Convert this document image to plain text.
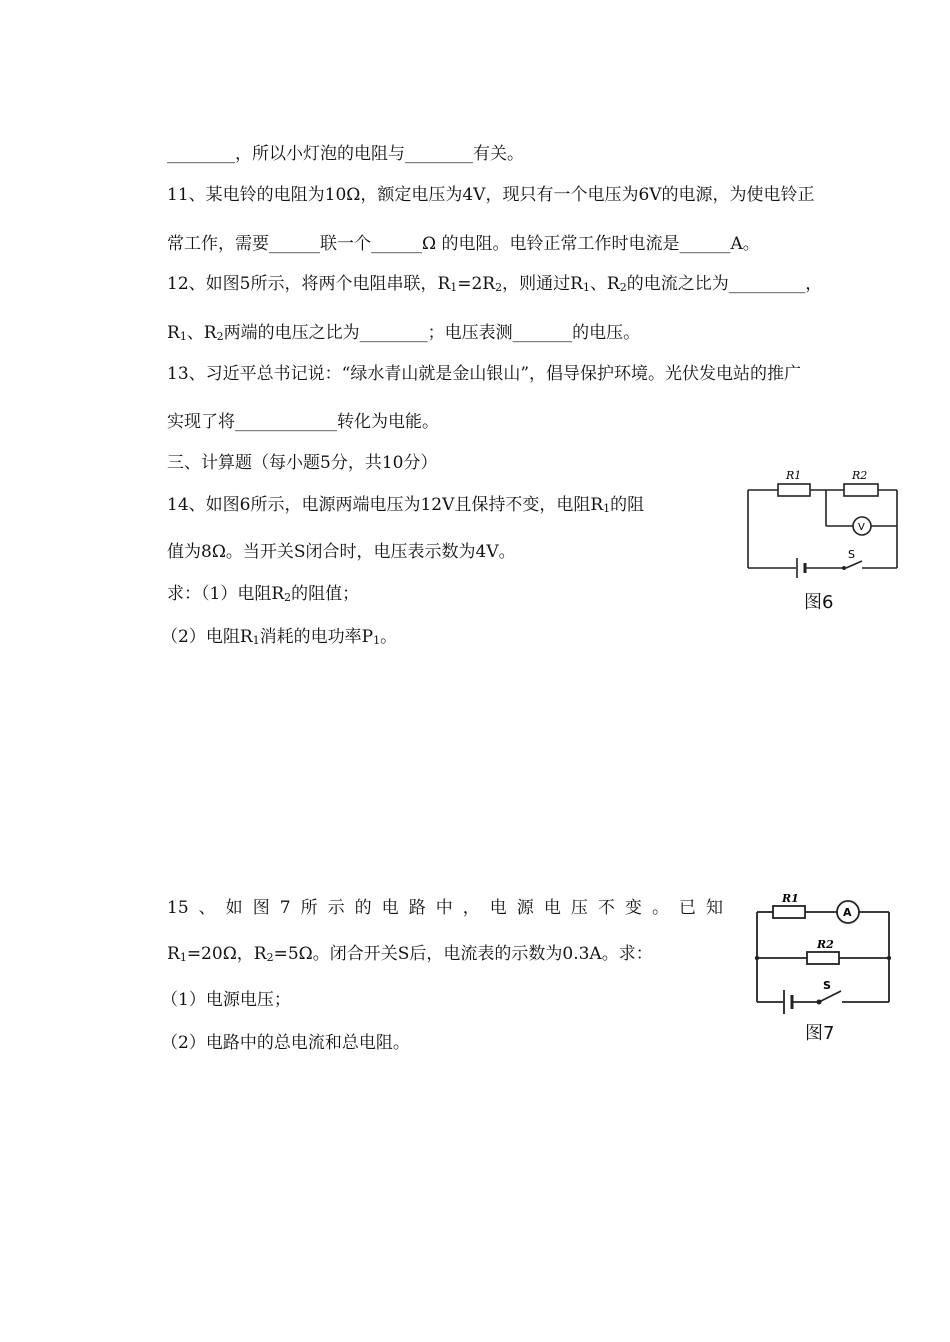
________，所以小灯泡的电阻与________有关。
11、某电铃的电阻为10Ω，额定电压为4V，现只有一个电压为6V的电源，为使电铃正
常工作，需要______联一个______Ω 的电阻。电铃正常工作时电流是______A。
12、如图5所示，将两个电阻串联，$R_1=2R_2$，则通过$R_1$、$R_2$的电流之比为_________，
$R_1$、$R_2$两端的电压之比为________；电压表测_______的电压。
13、习近平总书记说：“绿水青山就是金山银山”，倡导保护环境。光伏发电站的推广
实现了将____________转化为电能。
三、计算题（每小题5分，共10分）
14、如图6所示，电源两端电压为12V且保持不变，电阻$R_1$的阻
值为8Ω。当开关S闭合时，电压表示数为4V。
求：（1）电阻$R_2$的阻值；
（2）电阻$R_1$消耗的电功率$P_1$。
15、如图7所示的电路中，电源电压不变。已知
$R_1=20\Omega$，$R_2=5\Omega$。闭合开关S后，电流表的示数为0.3A。求：
（1）电源电压；
（2）电路中的总电流和总电阻。
R1	R2
V
S
图6
R1
R2
A
S
图7
